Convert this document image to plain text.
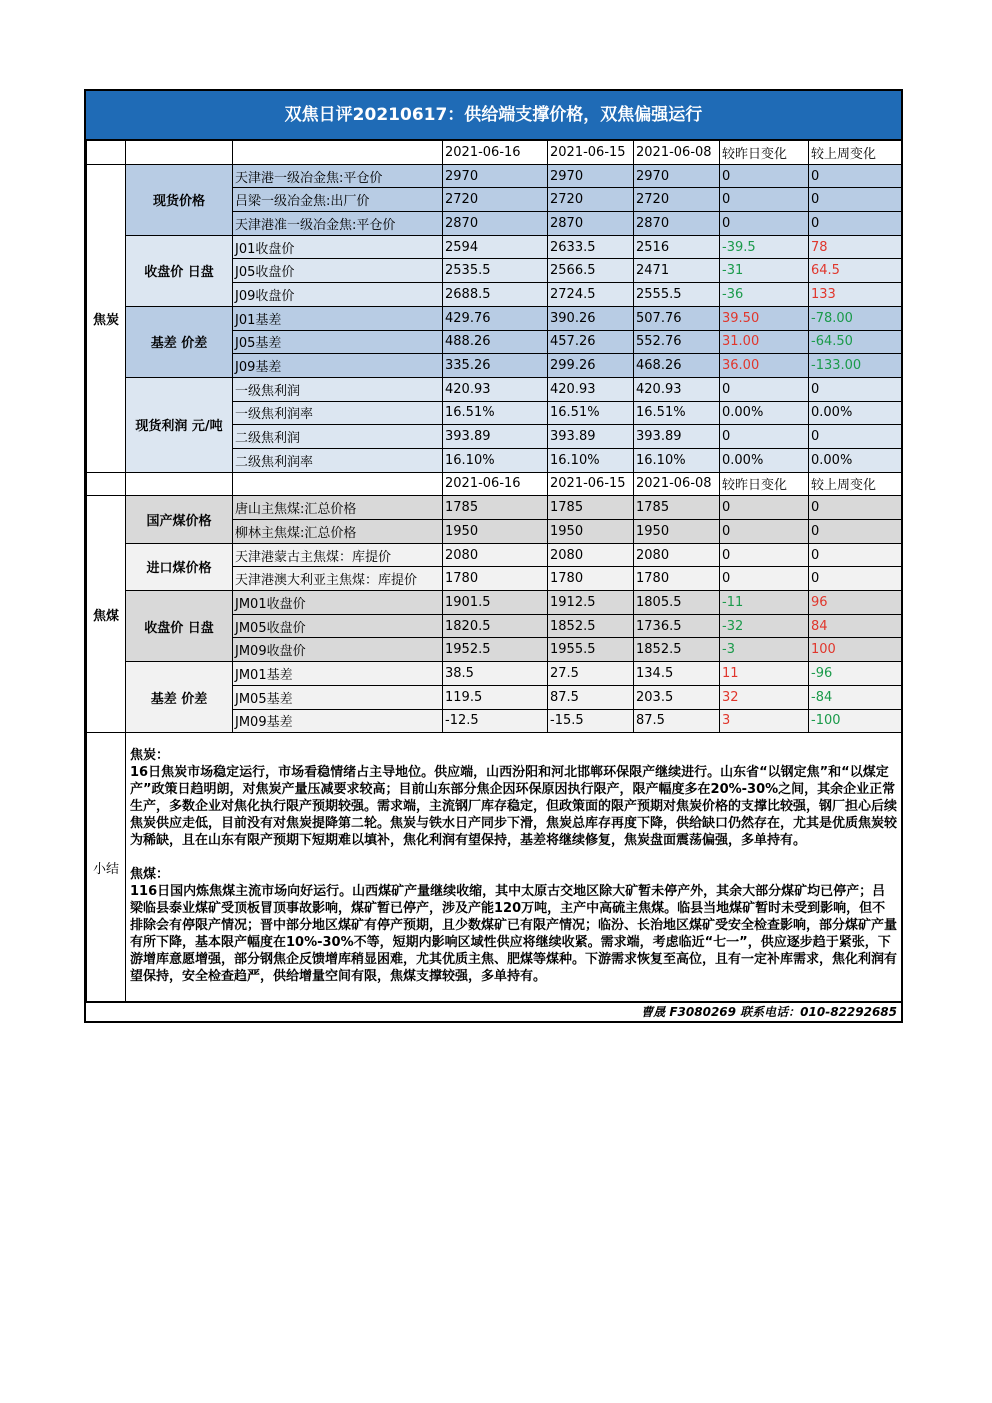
双焦日评20210617：供给端支撑价格，双焦偏强运行
			2021-06-16	2021-06-15	2021-06-08	较昨日变化	较上周变化
焦炭	现货价格	天津港一级冶金焦:平仓价	2970	2970	2970	0	0
		吕梁一级冶金焦:出厂价	2720	2720	2720	0	0
		天津港准一级冶金焦:平仓价	2870	2870	2870	0	0
	收盘价 日盘	J01收盘价	2594	2633.5	2516	-39.5	78
		J05收盘价	2535.5	2566.5	2471	-31	64.5
		J09收盘价	2688.5	2724.5	2555.5	-36	133
	基差 价差	J01基差	429.76	390.26	507.76	39.50	-78.00
		J05基差	488.26	457.26	552.76	31.00	-64.50
		J09基差	335.26	299.26	468.26	36.00	-133.00
	现货利润 元/吨	一级焦利润	420.93	420.93	420.93	0	0
		一级焦利润率	16.51%	16.51%	16.51%	0.00%	0.00%
		二级焦利润	393.89	393.89	393.89	0	0
		二级焦利润率	16.10%	16.10%	16.10%	0.00%	0.00%
			2021-06-16	2021-06-15	2021-06-08	较昨日变化	较上周变化
焦煤	国产煤价格	唐山主焦煤:汇总价格	1785	1785	1785	0	0
		柳林主焦煤:汇总价格	1950	1950	1950	0	0
	进口煤价格	天津港蒙古主焦煤：库提价	2080	2080	2080	0	0
		天津港澳大利亚主焦煤：库提价	1780	1780	1780	0	0
	收盘价 日盘	JM01收盘价	1901.5	1912.5	1805.5	-11	96
		JM05收盘价	1820.5	1852.5	1736.5	-32	84
		JM09收盘价	1952.5	1955.5	1852.5	-3	100
	基差 价差	JM01基差	38.5	27.5	134.5	11	-96
		JM05基差	119.5	87.5	203.5	32	-84
		JM09基差	-12.5	-15.5	87.5	3	-100
小结	焦炭：
16日焦炭市场稳定运行，市场看稳情绪占主导地位。供应端，山西汾阳和河北邯郸环保限产继续进行。山东省“以钢定焦”和“以煤定产”政策日趋明朗，对焦炭产量压减要求较高；目前山东部分焦企因环保原因执行限产，限产幅度多在20%-30%之间，其余企业正常生产，多数企业对焦化执行限产预期较强。需求端，主流钢厂库存稳定，但政策面的限产预期对焦炭价格的支撑比较强，钢厂担心后续焦炭供应走低，目前没有对焦炭提降第二轮。焦炭与铁水日产同步下滑，焦炭总库存再度下降，供给缺口仍然存在，尤其是优质焦炭较为稀缺，且在山东有限产预期下短期难以填补，焦化利润有望保持，基差将继续修复，焦炭盘面震荡偏强，多单持有。
焦煤：
116日国内炼焦煤主流市场向好运行。山西煤矿产量继续收缩，其中太原古交地区除大矿暂未停产外，其余大部分煤矿均已停产；吕梁临县泰业煤矿受顶板冒顶事故影响，煤矿暂已停产，涉及产能120万吨，主产中高硫主焦煤。临县当地煤矿暂时未受到影响，但不排除会有停限产情况；晋中部分地区煤矿有停产预期，且少数煤矿已有限产情况；临汾、长治地区煤矿受安全检查影响，部分煤矿产量有所下降，基本限产幅度在10%-30%不等，短期内影响区域性供应将继续收紧。需求端，考虑临近“七一”，供应逐步趋于紧张，下游增库意愿增强，部分钢焦企反馈增库稍显困难，尤其优质主焦、肥煤等煤种。下游需求恢复至高位，且有一定补库需求，焦化利润有望保持，安全检查趋严，供给增量空间有限，焦煤支撑较强，多单持有。						
曹晟 F3080269 联系电话：010-82292685
